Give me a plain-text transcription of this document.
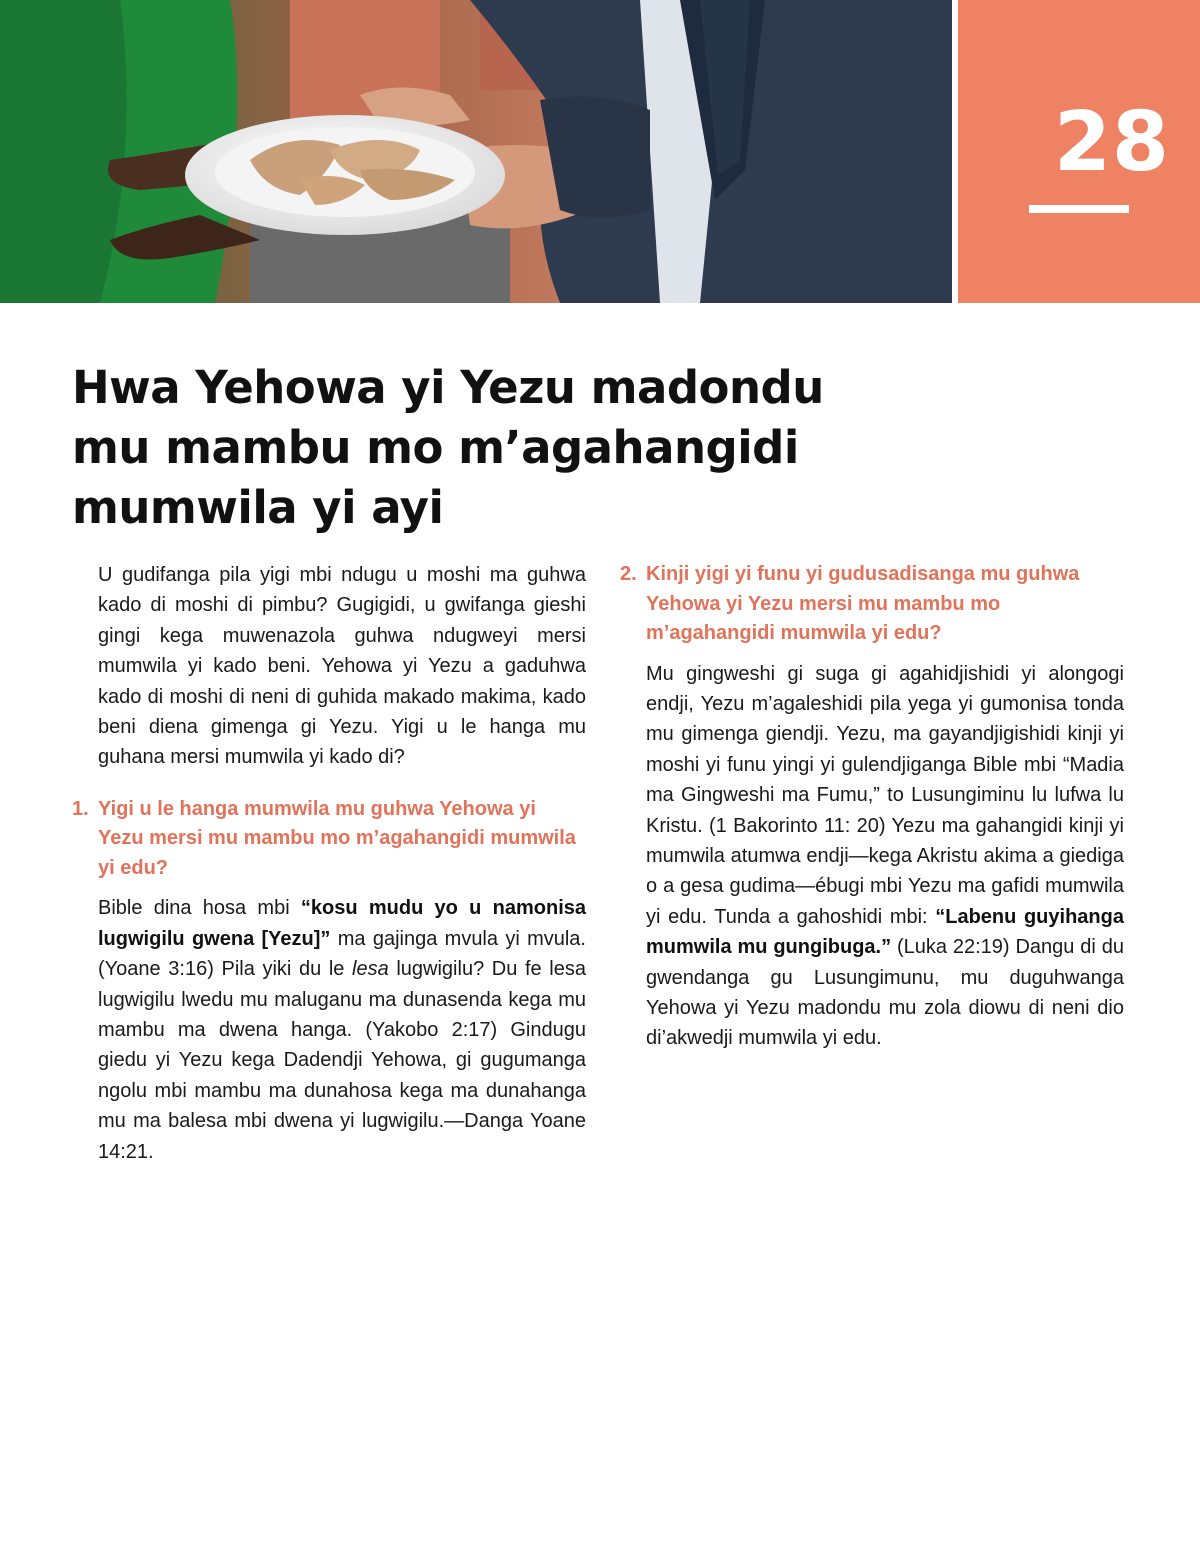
28
Hwa Yehowa yi Yezu madondu mu mambu mo m’agahangidi mumwila yi ayi

U gudifanga pila yigi mbi ndugu u moshi ma guhwa kado di moshi di pimbu? Gugigidi, u gwifanga gieshi gingi kega muwenazola guhwa ndugweyi mersi mumwila yi kado beni. Yehowa yi Yezu a gaduhwa kado di moshi di neni di guhida makado makima, kado beni diena gimenga gi Yezu. Yigi u le hanga mu guhana mersi mumwila yi kado di?

1. Yigi u le hanga mumwila mu guhwa Yehowa yi Yezu mersi mu mambu mo m’agahangidi mumwila yi edu?

Bible dina hosa mbi “kosu mudu yo u namonisa lugwigilu gwena [Yezu]” ma gajinga mvula yi mvula. (Yoane 3:16) Pila yiki du le lesa lugwigilu? Du fe lesa lugwigilu lwedu mu maluganu ma dunasenda kega mu mambu ma dwena hanga. (Yakobo 2:17) Gindugu giedu yi Yezu kega Dadendji Yehowa, gi gugumanga ngolu mbi mambu ma dunahosa kega ma dunahanga mu ma balesa mbi dwena yi lugwigilu.—Danga Yoane 14:21.

2. Kinji yigi yi funu yi gudusadisanga mu guhwa Yehowa yi Yezu mersi mu mambu mo m’agahangidi mumwila yi edu?

Mu gingweshi gi suga gi agahidjishidi yi alongogi endji, Yezu m’agaleshidi pila yega yi gumonisa tonda mu gimenga giendji. Yezu, ma gayandjigishidi kinji yi moshi yi funu yingi yi gulendjiganga Bible mbi “Madia ma Gingweshi ma Fumu,” to Lusungiminu lu lufwa lu Kristu. (1 Bakorinto 11: 20) Yezu ma gahangidi kinji yi mumwila atumwa endji—kega Akristu akima a giediga o a gesa gudima—ébugi mbi Yezu ma gafidi mumwila yi edu. Tunda a gahoshidi mbi: “Labenu guyihanga mumwila mu gungibuga.” (Luka 22:19) Dangu di du gwendanga gu Lusungimunu, mu duguhwanga Yehowa yi Yezu madondu mu zola diowu di neni dio di’akwedji mumwila yi edu.
